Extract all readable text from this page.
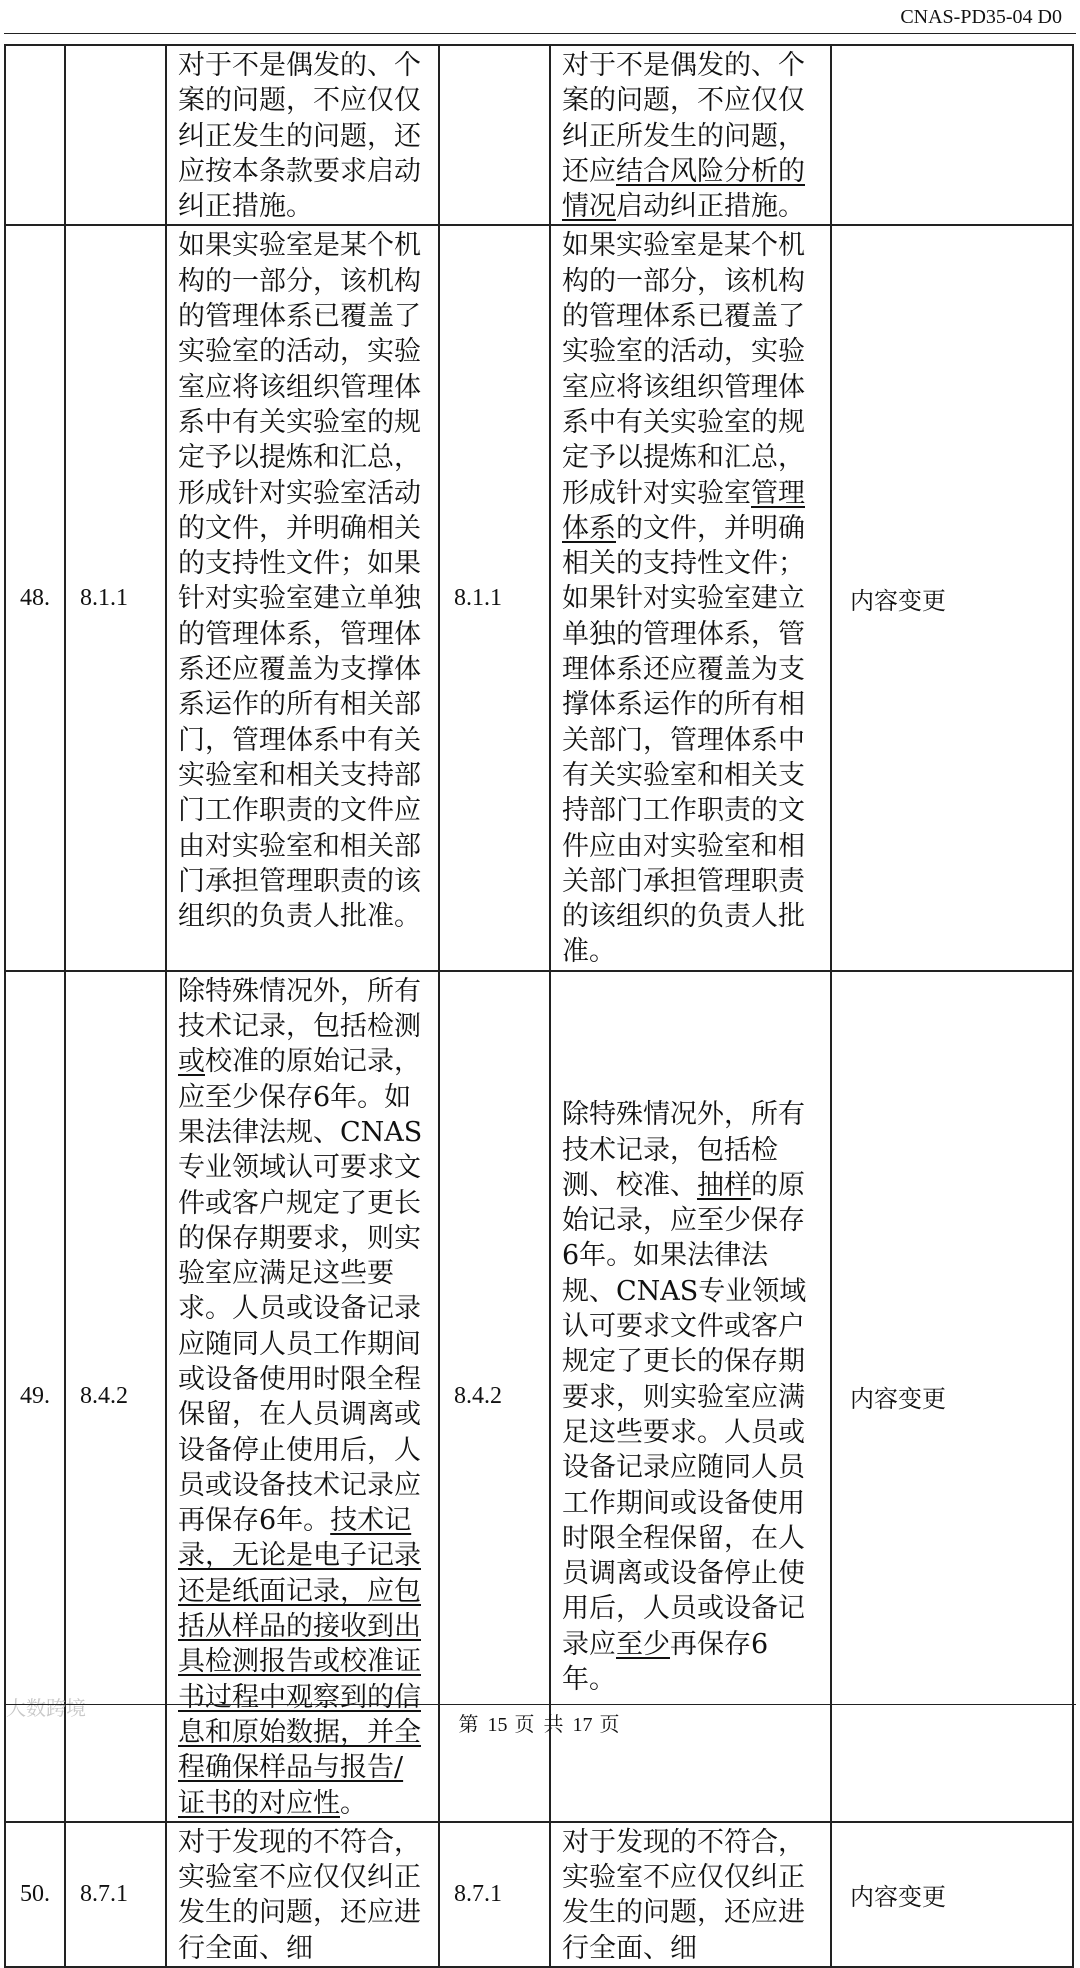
CNAS-PD35-04 D0

		对于不是偶发的、个案的问题，不应仅仅纠正发生的问题，还应按本条款要求启动纠正措施。		对于不是偶发的、个案的问题，不应仅仅纠正所发生的问题，还应结合风险分析的情况启动纠正措施。	

48.	8.1.1	如果实验室是某个机构的一部分，该机构的管理体系已覆盖了实验室的活动，实验室应将该组织管理体系中有关实验室的规定予以提炼和汇总，形成针对实验室活动的文件，并明确相关的支持性文件；如果针对实验室建立单独的管理体系，管理体系还应覆盖为支撑体系运作的所有相关部门，管理体系中有关实验室和相关支持部门工作职责的文件应由对实验室和相关部门承担管理职责的该组织的负责人批准。	8.1.1	如果实验室是某个机构的一部分，该机构的管理体系已覆盖了实验室的活动，实验室应将该组织管理体系中有关实验室的规定予以提炼和汇总，形成针对实验室管理体系的文件，并明确相关的支持性文件；如果针对实验室建立单独的管理体系，管理体系还应覆盖为支撑体系运作的所有相关部门，管理体系中有关实验室和相关支持部门工作职责的文件应由对实验室和相关部门承担管理职责的该组织的负责人批准。	内容变更
49.	8.4.2	除特殊情况外，所有技术记录，包括检测或校准的原始记录，应至少保存6年。如果法律法规、CNAS专业领域认可要求文件或客户规定了更长的保存期要求，则实验室应满足这些要求。人员或设备记录应随同人员工作期间或设备使用时限全程保留，在人员调离或设备停止使用后，人员或设备技术记录应再保存6年。技术记录，无论是电子记录还是纸面记录，应包括从样品的接收到出具检测报告或校准证书过程中观察到的信息和原始数据，并全程确保样品与报告/证书的对应性。	8.4.2	除特殊情况外，所有技术记录，包括检测、校准、抽样的原始记录，应至少保存6年。如果法律法规、CNAS专业领域认可要求文件或客户规定了更长的保存期要求，则实验室应满足这些要求。人员或设备记录应随同人员工作期间或设备使用时限全程保留，在人员调离或设备停止使用后，人员或设备记录应至少再保存6年。	内容变更
50.	8.7.1	对于发现的不符合，实验室不应仅仅纠正发生的问题，还应进行全面、细	8.7.1	对于发现的不符合，实验室不应仅仅纠正发生的问题，还应进行全面、细	内容变更
大数跨境
第 15 页 共 17 页
